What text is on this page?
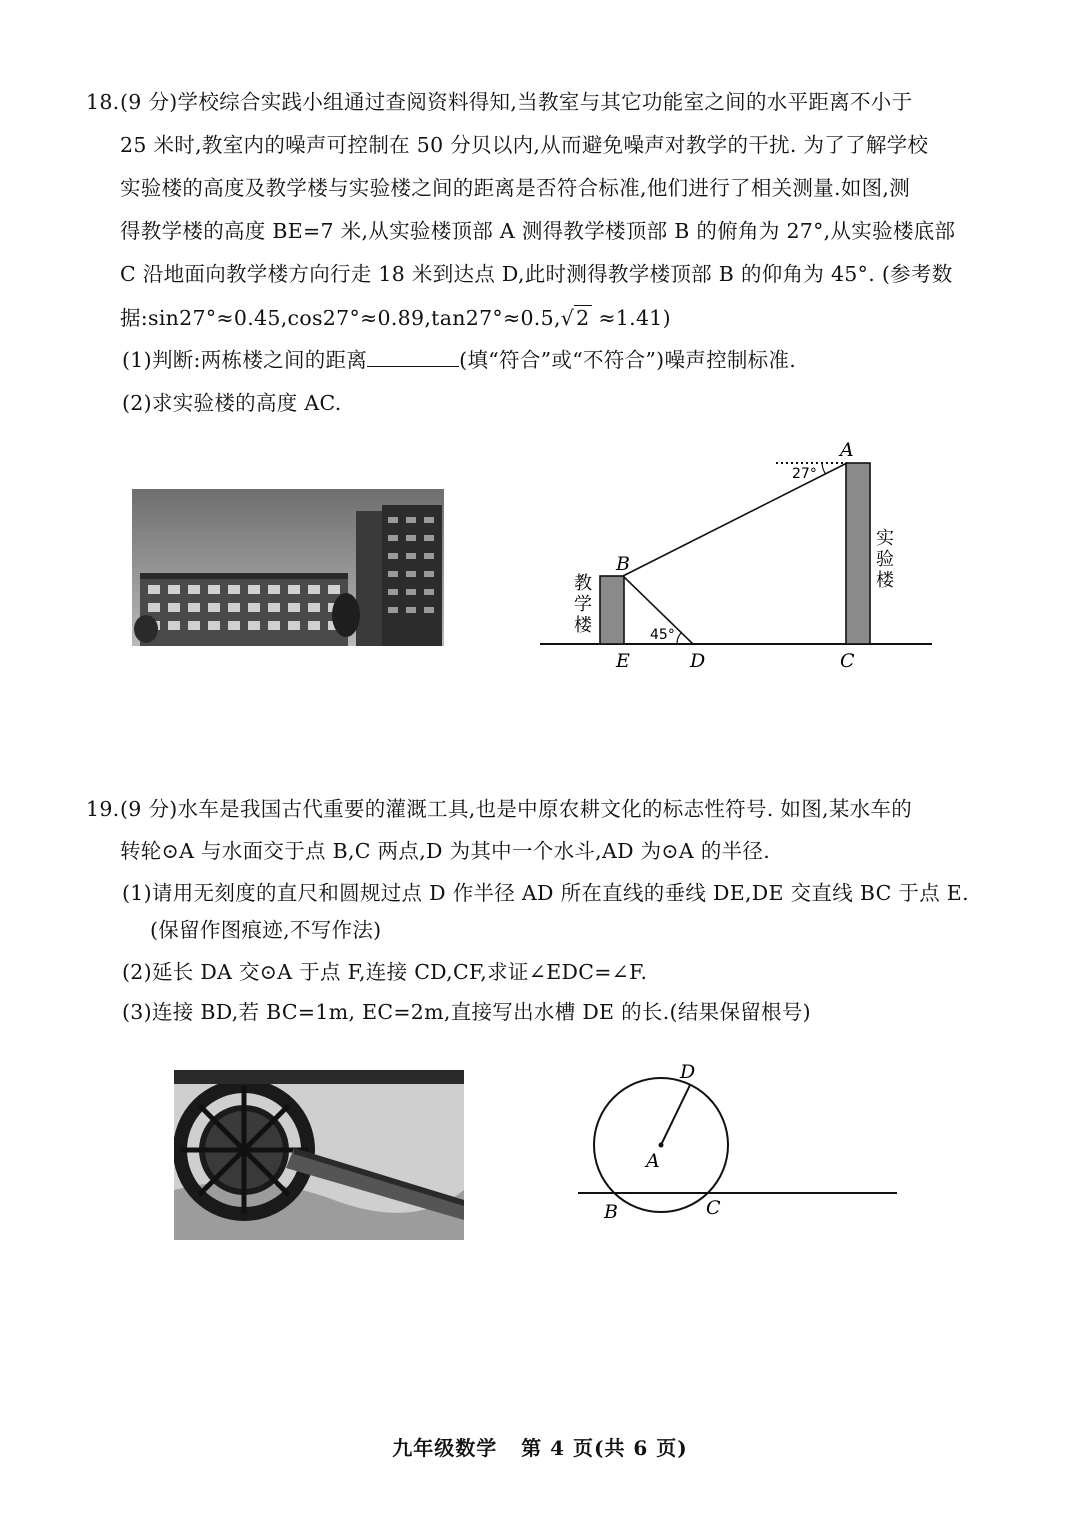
18. (9 分)学校综合实践小组通过查阅资料得知,当教室与其它功能室之间的水平距离不小于
25 米时,教室内的噪声可控制在 50 分贝以内,从而避免噪声对教学的干扰. 为了了解学校
实验楼的高度及教学楼与实验楼之间的距离是否符合标准,他们进行了相关测量.如图,测
得教学楼的高度 BE=7 米,从实验楼顶部 A 测得教学楼顶部 B 的俯角为 27°,从实验楼底部
C 沿地面向教学楼方向行走 18 米到达点 D,此时测得教学楼顶部 B 的仰角为 45°. (参考数
据:sin27°≈0.45,cos27°≈0.89,tan27°≈0.5,√2 ≈1.41)
(1)判断:两栋楼之间的距离	(填“符合”或“不符合”)噪声控制标准.
(2)求实验楼的高度 AC.
A
B
C
D
E
27°
45°
教
学
楼
实
验
楼
19. (9 分)水车是我国古代重要的灌溉工具,也是中原农耕文化的标志性符号. 如图,某水车的
转轮⊙A 与水面交于点 B,C 两点,D 为其中一个水斗,AD 为⊙A 的半径.
(1)请用无刻度的直尺和圆规过点 D 作半径 AD 所在直线的垂线 DE,DE 交直线 BC 于点 E.
(保留作图痕迹,不写作法)
(2)延长 DA 交⊙A 于点 F,连接 CD,CF,求证∠EDC=∠F.
(3)连接 BD,若 BC=1m, EC=2m,直接写出水槽 DE 的长.(结果保留根号)
D
A
B	C
九年级数学   第 4 页(共 6 页)
